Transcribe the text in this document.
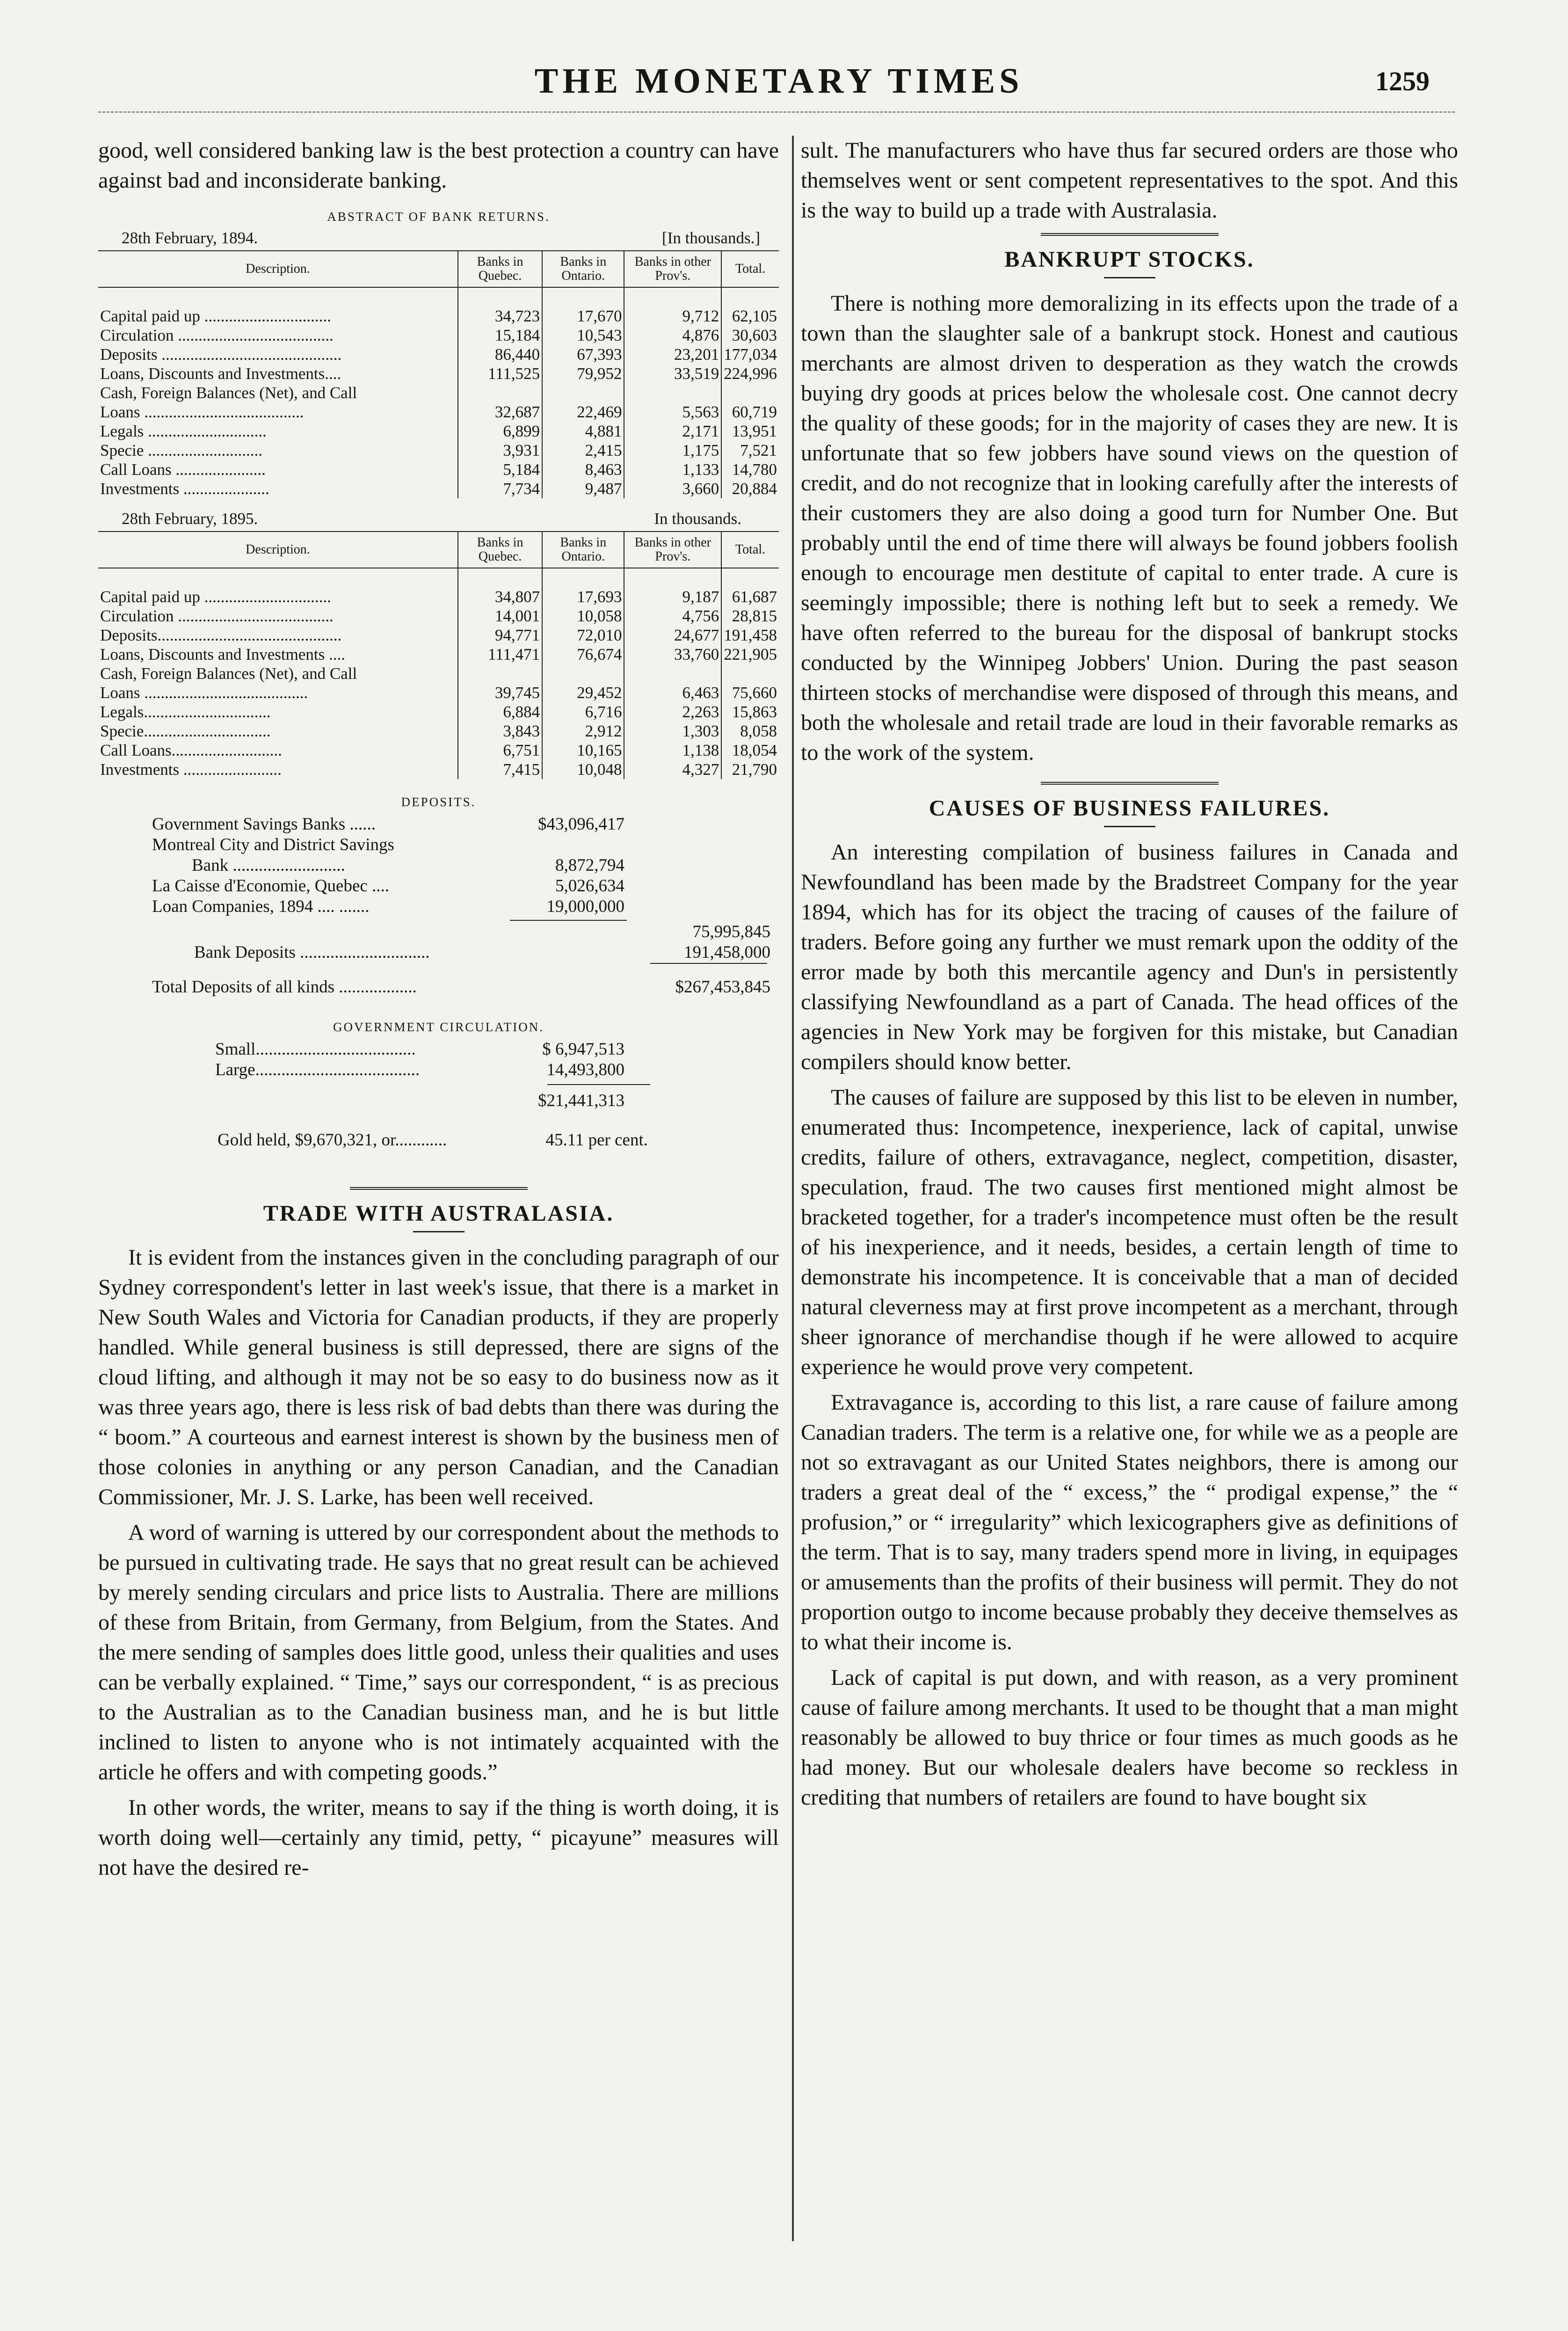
THE MONETARY TIMES	1259

good, well considered banking law is the best protection a country can have against bad and inconsiderate banking.

ABSTRACT OF BANK RETURNS.
28th February, 1894.	[In thousands.]
Description.	Banks in Quebec.	Banks in Ontario.	Banks in other Prov's.	Total.

Capital paid up ...............................	34,723	17,670	9,712	62,105
Circulation ......................................	15,184	10,543	4,876	30,603
Deposits ............................................	86,440	67,393	23,201	177,034
Loans, Discounts and Investments....	111,525	79,952	33,519	224,996
Cash, Foreign Balances (Net), and Call				
Loans .......................................	32,687	22,469	5,563	60,719
Legals .............................	6,899	4,881	2,171	13,951
Specie ............................	3,931	2,415	1,175	7,521
Call Loans ......................	5,184	8,463	1,133	14,780
Investments .....................	7,734	9,487	3,660	20,884
28th February, 1895.	In thousands.
Description.	Banks in Quebec.	Banks in Ontario.	Banks in other Prov's.	Total.

Capital paid up ...............................	34,807	17,693	9,187	61,687
Circulation ......................................	14,001	10,058	4,756	28,815
Deposits.............................................	94,771	72,010	24,677	191,458
Loans, Discounts and Investments ....	111,471	76,674	33,760	221,905
Cash, Foreign Balances (Net), and Call				
Loans ........................................	39,745	29,452	6,463	75,660
Legals...............................	6,884	6,716	2,263	15,863
Specie...............................	3,843	2,912	1,303	8,058
Call Loans...........................	6,751	10,165	1,138	18,054
Investments ........................	7,415	10,048	4,327	21,790
DEPOSITS.
Government Savings Banks ......	$43,096,417
Montreal City and District Savings
Bank ..........................	8,872,794
La Caisse d'Economie, Quebec ....	5,026,634
Loan Companies, 1894 .... .......	19,000,000
75,995,845
Bank Deposits ..............................	191,458,000
Total Deposits of all kinds ..................	$267,453,845
GOVERNMENT CIRCULATION.
Small.....................................	$ 6,947,513
Large......................................	14,493,800
$21,441,313
Gold held, $9,670,321, or............	45.11 per cent.
TRADE WITH AUSTRALASIA.

It is evident from the instances given in the concluding paragraph of our Sydney correspondent's letter in last week's issue, that there is a market in New South Wales and Victoria for Canadian products, if they are properly handled. While general business is still depressed, there are signs of the cloud lifting, and although it may not be so easy to do business now as it was three years ago, there is less risk of bad debts than there was during the “ boom.” A courteous and earnest interest is shown by the business men of those colonies in anything or any person Canadian, and the Canadian Commissioner, Mr. J. S. Larke, has been well received.

A word of warning is uttered by our correspondent about the methods to be pursued in cultivating trade. He says that no great result can be achieved by merely sending circulars and price lists to Australia. There are millions of these from Britain, from Germany, from Belgium, from the States. And the mere sending of samples does little good, unless their qualities and uses can be verbally explained. “ Time,” says our correspondent, “ is as precious to the Australian as to the Canadian business man, and he is but little inclined to listen to anyone who is not intimately acquainted with the article he offers and with competing goods.”

In other words, the writer, means to say if the thing is worth doing, it is worth doing well—certainly any timid, petty, “ picayune” measures will not have the desired re-

sult. The manufacturers who have thus far secured orders are those who themselves went or sent competent representatives to the spot. And this is the way to build up a trade with Australasia.

BANKRUPT STOCKS.

There is nothing more demoralizing in its effects upon the trade of a town than the slaughter sale of a bankrupt stock. Honest and cautious merchants are almost driven to desperation as they watch the crowds buying dry goods at prices below the wholesale cost. One cannot decry the quality of these goods; for in the majority of cases they are new. It is unfortunate that so few jobbers have sound views on the question of credit, and do not recognize that in looking carefully after the interests of their customers they are also doing a good turn for Number One. But probably until the end of time there will always be found jobbers foolish enough to encourage men destitute of capital to enter trade. A cure is seemingly impossible; there is nothing left but to seek a remedy. We have often referred to the bureau for the disposal of bankrupt stocks conducted by the Winnipeg Jobbers' Union. During the past season thirteen stocks of merchandise were disposed of through this means, and both the wholesale and retail trade are loud in their favorable remarks as to the work of the system.

CAUSES OF BUSINESS FAILURES.

An interesting compilation of business failures in Canada and Newfoundland has been made by the Bradstreet Company for the year 1894, which has for its object the tracing of causes of the failure of traders. Before going any further we must remark upon the oddity of the error made by both this mercantile agency and Dun's in persistently classifying Newfoundland as a part of Canada. The head offices of the agencies in New York may be forgiven for this mistake, but Canadian compilers should know better.

The causes of failure are supposed by this list to be eleven in number, enumerated thus: Incompetence, inexperience, lack of capital, unwise credits, failure of others, extravagance, neglect, competition, disaster, speculation, fraud. The two causes first mentioned might almost be bracketed together, for a trader's incompetence must often be the result of his inexperience, and it needs, besides, a certain length of time to demonstrate his incompetence. It is conceivable that a man of decided natural cleverness may at first prove incompetent as a merchant, through sheer ignorance of merchandise though if he were allowed to acquire experience he would prove very competent.

Extravagance is, according to this list, a rare cause of failure among Canadian traders. The term is a relative one, for while we as a people are not so extravagant as our United States neighbors, there is among our traders a great deal of the “ excess,” the “ prodigal expense,” the “ profusion,” or “ irregularity” which lexicographers give as definitions of the term. That is to say, many traders spend more in living, in equipages or amusements than the profits of their business will permit. They do not proportion outgo to income because probably they deceive themselves as to what their income is.

Lack of capital is put down, and with reason, as a very prominent cause of failure among merchants. It used to be thought that a man might reasonably be allowed to buy thrice or four times as much goods as he had money. But our wholesale dealers have become so reckless in crediting that numbers of retailers are found to have bought six
